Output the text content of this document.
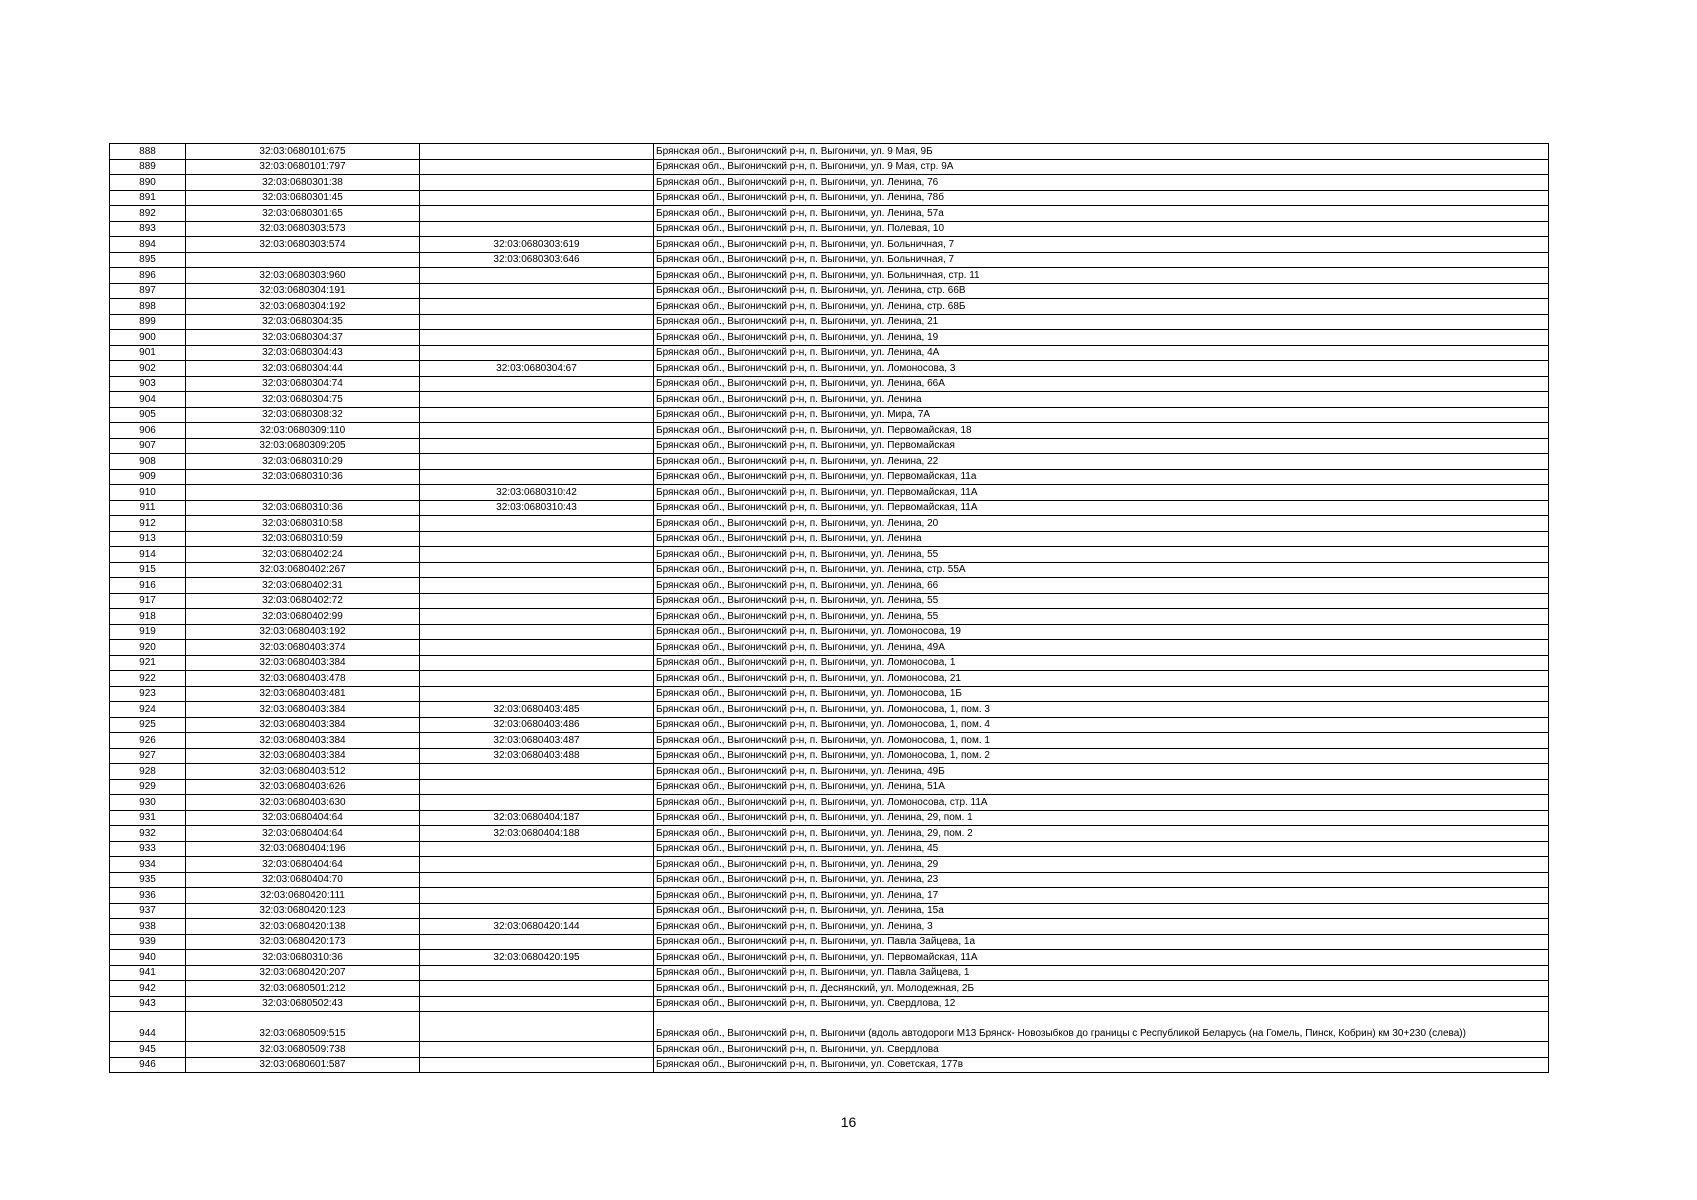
888	32:03:0680101:675		Брянская обл., Выгоничский р-н, п. Выгоничи, ул. 9 Мая, 9Б
889	32:03:0680101:797		Брянская обл., Выгоничский р-н, п. Выгоничи, ул. 9 Мая, стр. 9А
890	32:03:0680301:38		Брянская обл., Выгоничский р-н, п. Выгоничи, ул. Ленина, 76
891	32:03:0680301:45		Брянская обл., Выгоничский р-н, п. Выгоничи, ул. Ленина, 78б
892	32:03:0680301:65		Брянская обл., Выгоничский р-н, п. Выгоничи, ул. Ленина, 57а
893	32:03:0680303:573		Брянская обл., Выгоничский р-н, п. Выгоничи, ул. Полевая, 10
894	32:03:0680303:574	32:03:0680303:619	Брянская обл., Выгоничский р-н, п. Выгоничи, ул. Больничная, 7
895		32:03:0680303:646	Брянская обл., Выгоничский р-н, п. Выгоничи, ул. Больничная, 7
896	32:03:0680303:960		Брянская обл., Выгоничский р-н, п. Выгоничи, ул. Больничная, стр. 11
897	32:03:0680304:191		Брянская обл., Выгоничский р-н, п. Выгоничи, ул. Ленина, стр. 66В
898	32:03:0680304:192		Брянская обл., Выгоничский р-н, п. Выгоничи, ул. Ленина, стр. 68Б
899	32:03:0680304:35		Брянская обл., Выгоничский р-н, п. Выгоничи, ул. Ленина, 21
900	32:03:0680304:37		Брянская обл., Выгоничский р-н, п. Выгоничи, ул. Ленина, 19
901	32:03:0680304:43		Брянская обл., Выгоничский р-н, п. Выгоничи, ул. Ленина, 4А
902	32:03:0680304:44	32:03:0680304:67	Брянская обл., Выгоничский р-н, п. Выгоничи, ул. Ломоносова, 3
903	32:03:0680304:74		Брянская обл., Выгоничский р-н, п. Выгоничи, ул. Ленина, 66А
904	32:03:0680304:75		Брянская обл., Выгоничский р-н, п. Выгоничи, ул. Ленина
905	32:03:0680308:32		Брянская обл., Выгоничский р-н, п. Выгоничи, ул. Мира, 7А
906	32:03:0680309:110		Брянская обл., Выгоничский р-н, п. Выгоничи, ул. Первомайская, 18
907	32:03:0680309:205		Брянская обл., Выгоничский р-н, п. Выгоничи, ул. Первомайская
908	32:03:0680310:29		Брянская обл., Выгоничский р-н, п. Выгоничи, ул. Ленина, 22
909	32:03:0680310:36		Брянская обл., Выгоничский р-н, п. Выгоничи, ул. Первомайская, 11а
910		32:03:0680310:42	Брянская обл., Выгоничский р-н, п. Выгоничи, ул. Первомайская, 11А
911	32:03:0680310:36	32:03:0680310:43	Брянская обл., Выгоничский р-н, п. Выгоничи, ул. Первомайская, 11А
912	32:03:0680310:58		Брянская обл., Выгоничский р-н, п. Выгоничи, ул. Ленина, 20
913	32:03:0680310:59		Брянская обл., Выгоничский р-н, п. Выгоничи, ул. Ленина
914	32:03:0680402:24		Брянская обл., Выгоничский р-н, п. Выгоничи, ул. Ленина, 55
915	32:03:0680402:267		Брянская обл., Выгоничский р-н, п. Выгоничи, ул. Ленина, стр. 55А
916	32:03:0680402:31		Брянская обл., Выгоничский р-н, п. Выгоничи, ул. Ленина, 66
917	32:03:0680402:72		Брянская обл., Выгоничский р-н, п. Выгоничи, ул. Ленина, 55
918	32:03:0680402:99		Брянская обл., Выгоничский р-н, п. Выгоничи, ул. Ленина, 55
919	32:03:0680403:192		Брянская обл., Выгоничский р-н, п. Выгоничи, ул. Ломоносова, 19
920	32:03:0680403:374		Брянская обл., Выгоничский р-н, п. Выгоничи, ул. Ленина, 49А
921	32:03:0680403:384		Брянская обл., Выгоничский р-н, п. Выгоничи, ул. Ломоносова, 1
922	32:03:0680403:478		Брянская обл., Выгоничский р-н, п. Выгоничи, ул. Ломоносова, 21
923	32:03:0680403:481		Брянская обл., Выгоничский р-н, п. Выгоничи, ул. Ломоносова, 1Б
924	32:03:0680403:384	32:03:0680403:485	Брянская обл., Выгоничский р-н, п. Выгоничи, ул. Ломоносова, 1, пом. 3
925	32:03:0680403:384	32:03:0680403:486	Брянская обл., Выгоничский р-н, п. Выгоничи, ул. Ломоносова, 1, пом. 4
926	32:03:0680403:384	32:03:0680403:487	Брянская обл., Выгоничский р-н, п. Выгоничи, ул. Ломоносова, 1, пом. 1
927	32:03:0680403:384	32:03:0680403:488	Брянская обл., Выгоничский р-н, п. Выгоничи, ул. Ломоносова, 1, пом. 2
928	32:03:0680403:512		Брянская обл., Выгоничский р-н, п. Выгоничи, ул. Ленина, 49Б
929	32:03:0680403:626		Брянская обл., Выгоничский р-н, п. Выгоничи, ул. Ленина, 51А
930	32:03:0680403:630		Брянская обл., Выгоничский р-н, п. Выгоничи, ул. Ломоносова, стр. 11А
931	32:03:0680404:64	32:03:0680404:187	Брянская обл., Выгоничский р-н, п. Выгоничи, ул. Ленина, 29, пом. 1
932	32:03:0680404:64	32:03:0680404:188	Брянская обл., Выгоничский р-н, п. Выгоничи, ул. Ленина, 29, пом. 2
933	32:03:0680404:196		Брянская обл., Выгоничский р-н, п. Выгоничи, ул. Ленина, 45
934	32:03:0680404:64		Брянская обл., Выгоничский р-н, п. Выгоничи, ул. Ленина, 29
935	32:03:0680404:70		Брянская обл., Выгоничский р-н, п. Выгоничи, ул. Ленина, 23
936	32:03:0680420:111		Брянская обл., Выгоничский р-н, п. Выгоничи, ул. Ленина, 17
937	32:03:0680420:123		Брянская обл., Выгоничский р-н, п. Выгоничи, ул. Ленина, 15а
938	32:03:0680420:138	32:03:0680420:144	Брянская обл., Выгоничский р-н, п. Выгоничи, ул. Ленина, 3
939	32:03:0680420:173		Брянская обл., Выгоничский р-н, п. Выгоничи, ул. Павла Зайцева, 1а
940	32:03:0680310:36	32:03:0680420:195	Брянская обл., Выгоничский р-н, п. Выгоничи, ул. Первомайская, 11А
941	32:03:0680420:207		Брянская обл., Выгоничский р-н, п. Выгоничи, ул. Павла Зайцева, 1
942	32:03:0680501:212		Брянская обл., Выгоничский р-н, п. Деснянский, ул. Молодежная, 2Б
943	32:03:0680502:43		Брянская обл., Выгоничский р-н, п. Выгоничи, ул. Свердлова, 12
944	32:03:0680509:515		Брянская обл., Выгоничский р-н, п. Выгоничи (вдоль автодороги М13 Брянск- Новозыбков до границы с Республикой Беларусь (на Гомель, Пинск, Кобрин) км 30+230 (слева))
945	32:03:0680509:738		Брянская обл., Выгоничский р-н, п. Выгоничи, ул. Свердлова
946	32:03:0680601:587		Брянская обл., Выгоничский р-н, п. Выгоничи, ул. Советская, 177в
16
